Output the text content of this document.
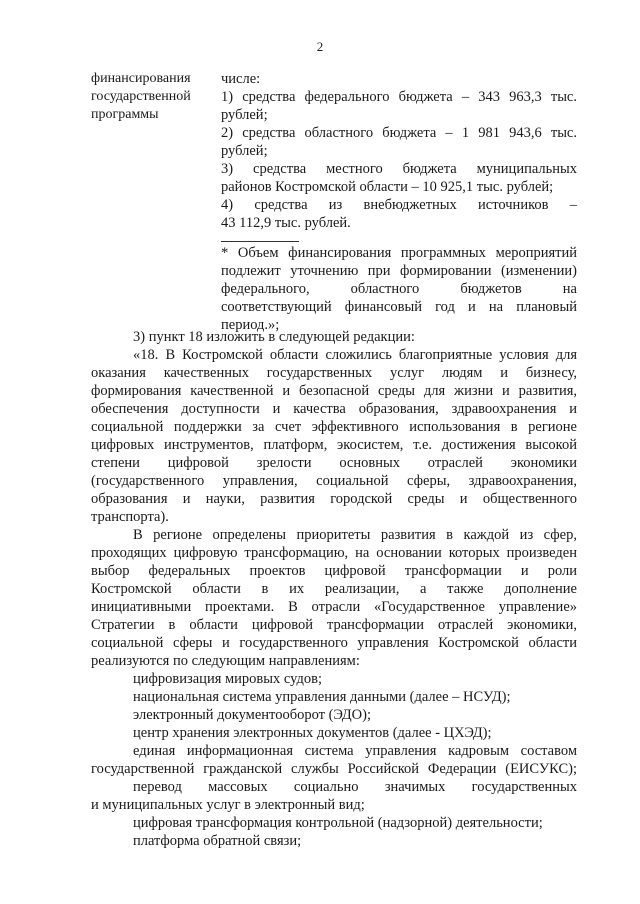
2
финансирования
государственной
программы
числе:
1) средства федерального бюджета – 343 963,3 тыс.
рублей;
2) средства областного бюджета – 1 981 943,6 тыс.
рублей;
3) средства местного бюджета муниципальных
районов Костромской области – 10 925,1 тыс. рублей;
4) средства из внебюджетных источников –
43 112,9 тыс. рублей.
* Объем финансирования программных мероприятий
подлежит уточнению при формировании (изменении)
федерального, областного бюджетов на
соответствующий финансовый год и на плановый
период.»;
3) пункт 18 изложить в следующей редакции:
«18. В Костромской области сложились благоприятные условия для
оказания качественных государственных услуг людям и бизнесу,
формирования качественной и безопасной среды для жизни и развития,
обеспечения доступности и качества образования, здравоохранения и
социальной поддержки за счет эффективного использования в регионе
цифровых инструментов, платформ, экосистем, т.е. достижения высокой
степени цифровой зрелости основных отраслей экономики
(государственного управления, социальной сферы, здравоохранения,
образования и науки, развития городской среды и общественного
транспорта).
В регионе определены приоритеты развития в каждой из сфер,
проходящих цифровую трансформацию, на основании которых произведен
выбор федеральных проектов цифровой трансформации и роли
Костромской области в их реализации, а также дополнение
инициативными проектами. В отрасли «Государственное управление»
Стратегии в области цифровой трансформации отраслей экономики,
социальной сферы и государственного управления Костромской области
реализуются по следующим направлениям:
цифровизация мировых судов;
национальная система управления данными (далее – НСУД);
электронный документооборот (ЭДО);
центр хранения электронных документов (далее - ЦХЭД);
единая информационная система управления кадровым составом
государственной гражданской службы Российской Федерации (ЕИСУКС);
перевод массовых социально значимых государственных
и муниципальных услуг в электронный вид;
цифровая трансформация контрольной (надзорной) деятельности;
платформа обратной связи;
